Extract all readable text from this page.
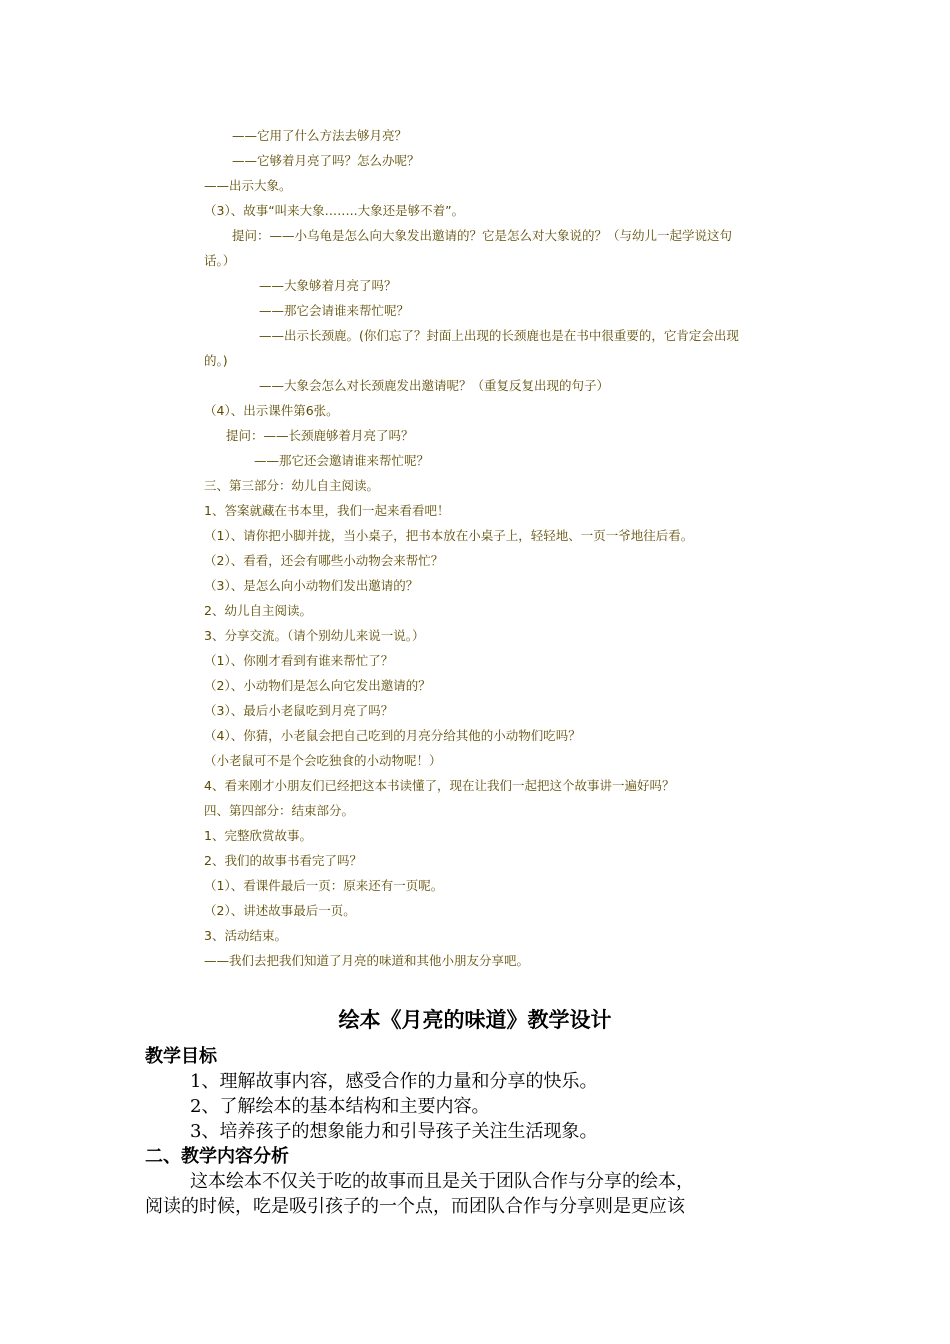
——它用了什么方法去够月亮？
——它够着月亮了吗？怎么办呢？
——出示大象。
（3）、故事“叫来大象……..大象还是够不着”。
提问：——小乌龟是怎么向大象发出邀请的？它是怎么对大象说的？（与幼儿一起学说这句
话。）
——大象够着月亮了吗？
——那它会请谁来帮忙呢？
——出示长颈鹿。(你们忘了？封面上出现的长颈鹿也是在书中很重要的，它肯定会出现
的。)
——大象会怎么对长颈鹿发出邀请呢？（重复反复出现的句子）
（4）、出示课件第6张。
提问：——长颈鹿够着月亮了吗？
——那它还会邀请谁来帮忙呢？
三、第三部分：幼儿自主阅读。
1、答案就藏在书本里，我们一起来看看吧！
（1）、请你把小脚并拢，当小桌子，把书本放在小桌子上，轻轻地、一页一爷地往后看。
（2）、看看，还会有哪些小动物会来帮忙？
（3）、是怎么向小动物们发出邀请的？
2、幼儿自主阅读。
3、分享交流。（请个别幼儿来说一说。）
（1）、你刚才看到有谁来帮忙了？
（2）、小动物们是怎么向它发出邀请的？
（3）、最后小老鼠吃到月亮了吗？
（4）、你猜，小老鼠会把自己吃到的月亮分给其他的小动物们吃吗？
（小老鼠可不是个会吃独食的小动物呢！）
4、看来刚才小朋友们已经把这本书读懂了，现在让我们一起把这个故事讲一遍好吗？
四、第四部分：结束部分。
1、完整欣赏故事。
2、我们的故事书看完了吗？
（1）、看课件最后一页：原来还有一页呢。
（2）、讲述故事最后一页。
3、活动结束。
——我们去把我们知道了月亮的味道和其他小朋友分享吧。
绘本《月亮的味道》教学设计
教学目标
1、理解故事内容，感受合作的力量和分享的快乐。
2、了解绘本的基本结构和主要内容。
3、培养孩子的想象能力和引导孩子关注生活现象。
二、教学内容分析
这本绘本不仅关于吃的故事而且是关于团队合作与分享的绘本，
阅读的时候，吃是吸引孩子的一个点，而团队合作与分享则是更应该
